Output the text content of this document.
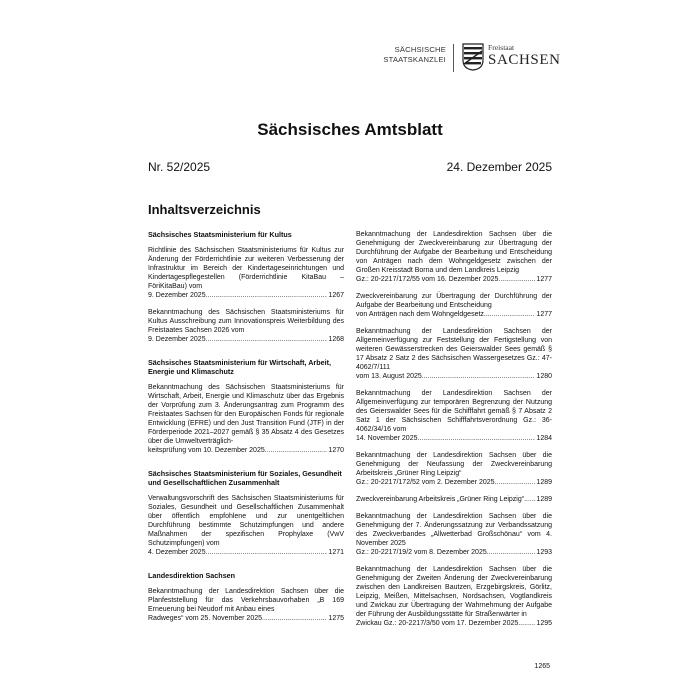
SÄCHSISCHE
STAATSKANZLEI
Freistaat
SACHSEN
Sächsisches Amtsblatt
Nr. 52/2025	24. Dezember 2025
Inhaltsverzeichnis
Sächsisches Staatsministerium für Kultus
Richtlinie des Sächsischen Staatsministeriums für Kultus zur Änderung der Förderrichtlinie zur weiteren Verbesserung der Infrastruktur im Bereich der Kindertageseinrichtungen und Kindertagespflegestellen (Förderrichtlinie KitaBau – FöriKitaBau) vom
9. Dezember 2025 .....	1267
Bekanntmachung des Sächsischen Staatsministeriums für Kultus Ausschreibung zum Innovationspreis Weiterbildung des Freistaates Sachsen 2026 vom
9. Dezember 2025 .....	1268
Sächsisches Staatsministerium für Wirtschaft, Arbeit, Energie und Klimaschutz
Bekanntmachung des Sächsischen Staatsministeriums für Wirtschaft, Arbeit, Energie und Klimaschutz über das Ergebnis der Vorprüfung zum 3. Änderungsantrag zum Programm des Freistaates Sachsen für den Europäischen Fonds für regionale Entwicklung (EFRE) und den Just Transition Fund (JTF) in der Förderperiode 2021–2027 gemäß § 35 Absatz 4 des Gesetzes über die Umweltverträglich-
keitsprüfung vom 10. Dezember 2025 .....	1270
Sächsisches Staatsministerium für Soziales, Gesundheit und Gesellschaftlichen Zusammenhalt
Verwaltungsvorschrift des Sächsischen Staatsministeriums für Soziales, Gesundheit und Gesellschaftlichen Zusammenhalt über öffentlich empfohlene und zur unentgeltlichen Durchführung bestimmte Schutzimpfungen und andere Maßnahmen der spezifischen Prophylaxe (VwV Schutzimpfungen) vom
4. Dezember 2025 .....	1271
Landesdirektion Sachsen
Bekanntmachung der Landesdirektion Sachsen über die Planfeststellung für das Verkehrsbauvorhaben „B 169 Erneuerung bei Neudorf mit Anbau eines
Radweges“ vom 25. November 2025 .....	1275
Bekanntmachung der Landesdirektion Sachsen über die Genehmigung der Zweckvereinbarung zur Übertragung der Durchführung der Aufgabe der Bearbeitung und Entscheidung von Anträgen nach dem Wohngeldgesetz zwischen der Großen Kreisstadt Borna und dem Landkreis Leipzig
Gz.: 20-2217/172/55 vom 16. Dezember 2025 .....	1277
Zweckvereinbarung zur Übertragung der Durchführung der Aufgabe der Bearbeitung und Entscheidung
von Anträgen nach dem Wohngeldgesetz .....	1277
Bekanntmachung der Landesdirektion Sachsen der Allgemeinverfügung zur Feststellung der Fertigstellung von weiteren Gewässerstrecken des Geierswalder Sees gemäß § 17 Absatz 2 Satz 2 des Sächsischen Wassergesetzes Gz.: 47-4062/7/111
vom 13. August 2025 .....	1280
Bekanntmachung der Landesdirektion Sachsen der Allgemeinverfügung zur temporären Begrenzung der Nutzung des Geierswalder Sees für die Schifffahrt gemäß § 7 Absatz 2 Satz 1 der Sächsischen Schifffahrtsverordnung Gz.: 36-4062/34/16 vom
14. November 2025 .....	1284
Bekanntmachung der Landesdirektion Sachsen über die Genehmigung der Neufassung der Zweckvereinbarung Arbeitskreis „Grüner Ring Leipzig“
Gz.: 20-2217/172/52 vom 2. Dezember 2025 .....	1289
Zweckvereinbarung Arbeitskreis „Grüner Ring Leipzig“ ..... 1289
Bekanntmachung der Landesdirektion Sachsen über die Genehmigung der 7. Änderungssatzung zur Verbandssatzung des Zweckverbandes „Allwetterbad Großschönau“ vom 4. November 2025
Gz.: 20-2217/19/2 vom 8. Dezember 2025 .....	1293
Bekanntmachung der Landesdirektion Sachsen über die Genehmigung der Zweiten Änderung der Zweckvereinbarung zwischen den Landkreisen Bautzen, Erzgebirgskreis, Görlitz, Leipzig, Meißen, Mittelsachsen, Nordsachsen, Vogtlandkreis und Zwickau zur Übertragung der Wahrnehmung der Aufgabe der Führung der Ausbildungsstätte für Straßenwärter in
Zwickau Gz.: 20-2217/3/50 vom 17. Dezember 2025 .....	1295
1265
